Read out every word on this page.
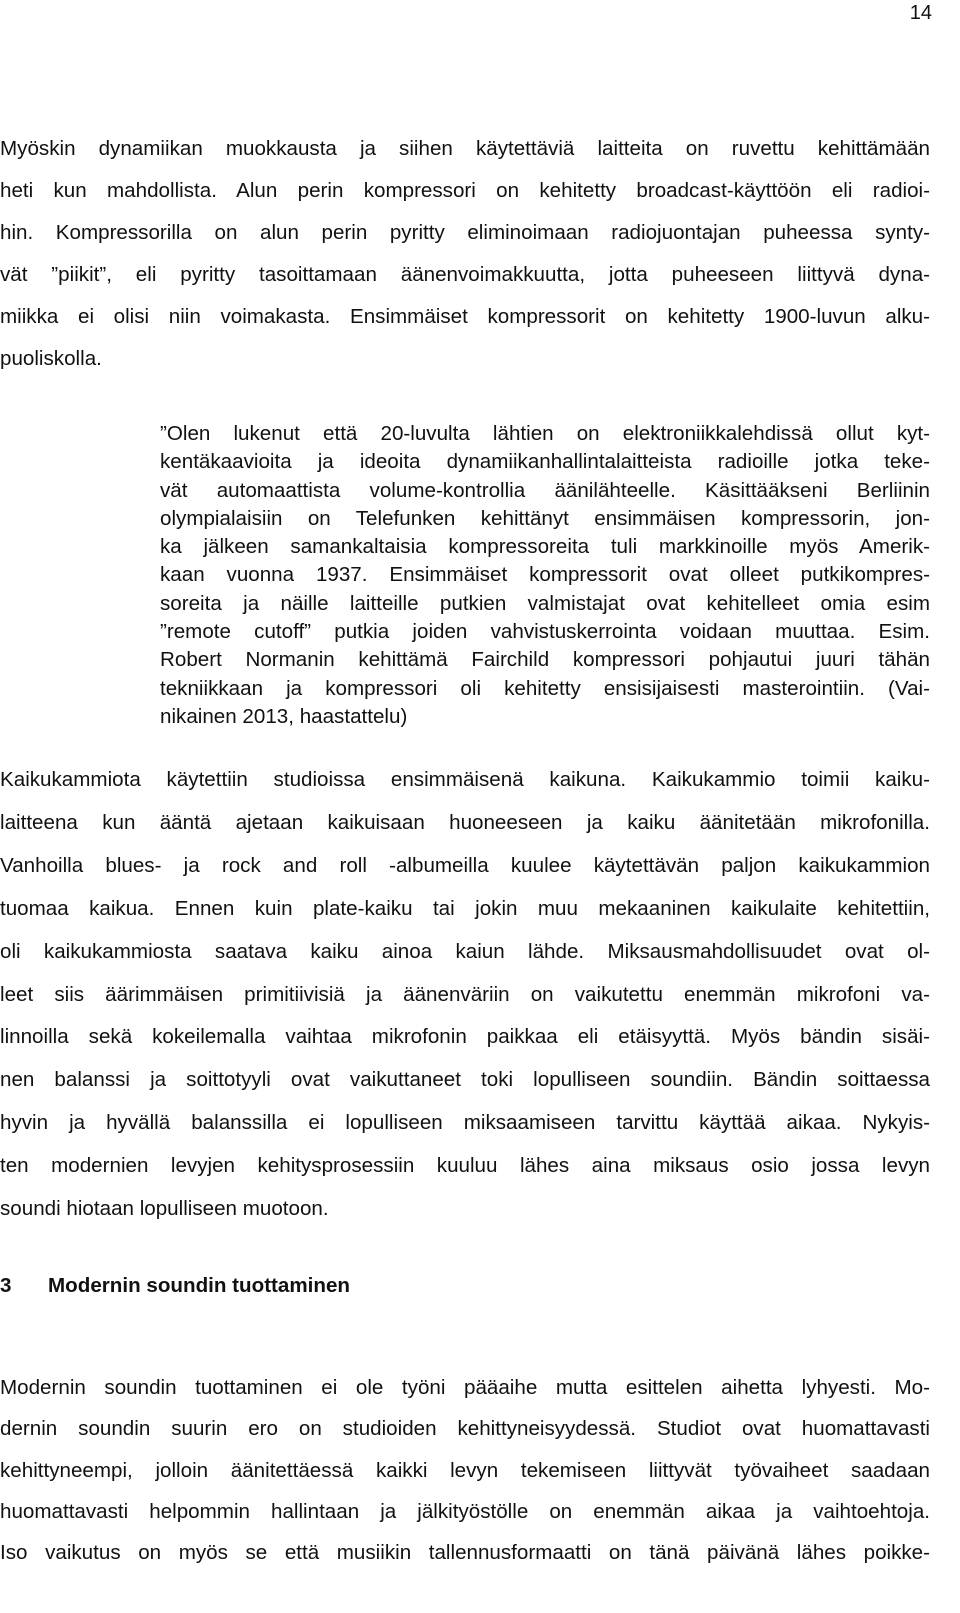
14
Myöskin dynamiikan muokkausta ja siihen käytettäviä laitteita on ruvettu kehittämään
heti kun mahdollista. Alun perin kompressori on kehitetty broadcast-käyttöön eli radioi-
hin. Kompressorilla on alun perin pyritty eliminoimaan radiojuontajan puheessa synty-
vät ”piikit”, eli pyritty tasoittamaan äänenvoimakkuutta, jotta puheeseen liittyvä dyna-
miikka ei olisi niin voimakasta. Ensimmäiset kompressorit on kehitetty 1900-luvun alku-
puoliskolla.
”Olen lukenut että 20-luvulta lähtien on elektroniikkalehdissä ollut kyt-
kentäkaavioita ja ideoita dynamiikanhallintalaitteista radioille jotka teke-
vät automaattista volume-kontrollia äänilähteelle. Käsittääkseni Berliinin
olympialaisiin on Telefunken kehittänyt ensimmäisen kompressorin, jon-
ka jälkeen samankaltaisia kompressoreita tuli markkinoille myös Amerik-
kaan vuonna 1937. Ensimmäiset kompressorit ovat olleet putkikompres-
soreita ja näille laitteille putkien valmistajat ovat kehitelleet omia esim
”remote cutoff” putkia joiden vahvistuskerrointa voidaan muuttaa. Esim.
Robert Normanin kehittämä Fairchild kompressori pohjautui juuri tähän
tekniikkaan ja kompressori oli kehitetty ensisijaisesti masterointiin. (Vai-
nikainen 2013, haastattelu)
Kaikukammiota käytettiin studioissa ensimmäisenä kaikuna. Kaikukammio toimii kaiku-
laitteena kun ääntä ajetaan kaikuisaan huoneeseen ja kaiku äänitetään mikrofonilla.
Vanhoilla blues- ja rock and roll -albumeilla kuulee käytettävän paljon kaikukammion
tuomaa kaikua. Ennen kuin plate-kaiku tai jokin muu mekaaninen kaikulaite kehitettiin,
oli kaikukammiosta saatava kaiku ainoa kaiun lähde. Miksausmahdollisuudet ovat ol-
leet siis äärimmäisen primitiivisiä ja äänenväriin on vaikutettu enemmän mikrofoni va-
linnoilla sekä kokeilemalla vaihtaa mikrofonin paikkaa eli etäisyyttä. Myös bändin sisäi-
nen balanssi ja soittotyyli ovat vaikuttaneet toki lopulliseen soundiin. Bändin soittaessa
hyvin ja hyvällä balanssilla ei lopulliseen miksaamiseen tarvittu käyttää aikaa. Nykyis-
ten modernien levyjen kehitysprosessiin kuuluu lähes aina miksaus osio jossa levyn
soundi hiotaan lopulliseen muotoon.
3 Modernin soundin tuottaminen
Modernin soundin tuottaminen ei ole työni pääaihe mutta esittelen aihetta lyhyesti. Mo-
dernin soundin suurin ero on studioiden kehittyneisyydessä. Studiot ovat huomattavasti
kehittyneempi, jolloin äänitettäessä kaikki levyn tekemiseen liittyvät työvaiheet saadaan
huomattavasti helpommin hallintaan ja jälkityöstölle on enemmän aikaa ja vaihtoehtoja.
Iso vaikutus on myös se että musiikin tallennusformaatti on tänä päivänä lähes poikke-
